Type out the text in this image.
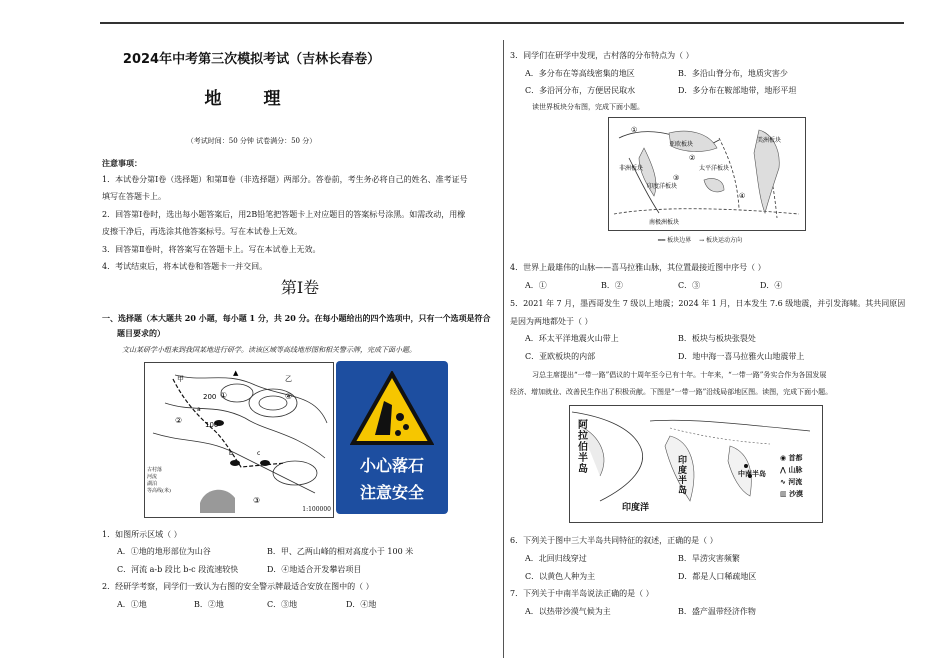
2024年中考第三次模拟考试（吉林长春卷）
地 理
（考试时间：50 分钟 试卷满分：50 分）
注意事项：
1．本试卷分第Ⅰ卷（选择题）和第Ⅱ卷（非选择题）两部分。答卷前，考生务必将自己的姓名、准考证号
填写在答题卡上。
2．回答第Ⅰ卷时，选出每小题答案后，用2B铅笔把答题卡上对应题目的答案标号涂黑。如需改动，用橡
皮擦干净后，再选涂其他答案标号。写在本试卷上无效。
3．回答第Ⅱ卷时，将答案写在答题卡上。写在本试卷上无效。
4．考试结束后，将本试卷和答题卡一并交回。
第Ⅰ卷
一、选择题（本大题共 20 小题，每小题 1 分，共 20 分。在每小题给出的四个选项中，只有一个选项是符合
题目要求的）
文山某研学小组来到我国某地进行研学。读该区域等高线地形图和相关警示牌，完成下面小题。
甲	乙
200
100
①
②
③
④
a
b	c
▲
古村落
河流
湖泊
等高线(米)
1:100000
小心落石
注意安全
1．如图所示区域（ ）
A．①地的地形部位为山谷	B．甲、乙两山峰的相对高度小于 100 米
C．河流 a-b 段比 b-c 段流速较快	D．④地适合开发攀岩项目
2．经研学考察，同学们一致认为右图的安全警示牌最适合安放在图中的（ ）
A．①地	B．②地	C．③地	D．④地
3．同学们在研学中发现，古村落的分布特点为（ ）
A．多分布在等高线密集的地区	B．多沿山脊分布，地质灾害少
C．多沿河分布，方便居民取水	D．多分布在鞍部地带，地形平坦
读世界板块分布图，完成下面小题。
亚欧板块
美洲板块
非洲板块
印度洋板块
太平洋板块
南极洲板块
①
②
③
④
━━ 板块边界 → 板块运动方向
4．世界上最雄伟的山脉——喜马拉雅山脉，其位置最接近图中序号（ ）
A．①	B．②	C．③	D．④
5．2021 年 7 月，墨西哥发生 7 级以上地震；2024 年 1 月，日本发生 7.6 级地震，并引发海啸。其共同原因
是因为两地都处于（ ）
A．环太平洋地震火山带上	B．板块与板块张裂处
C．亚欧板块的内部	D．地中海一喜马拉雅火山地震带上
习总主席提出“一带一路”倡议的十周年至今已有十年。十年来，“一带一路”务实合作为各国发展
经济、增加就业、改善民生作出了积极贡献。下图是“一带一路”沿线局部地区图。读图，完成下面小题。
阿拉伯半岛
印度半岛
中南半岛
印度洋
◉ 首都
⋀ 山脉
∿ 河流
▥ 沙漠
6．下列关于图中三大半岛共同特征的叙述，正确的是（ ）
A．北回归线穿过	B．旱涝灾害频繁
C．以黄色人种为主	D．都是人口稀疏地区
7．下列关于中南半岛说法正确的是（ ）
A．以热带沙漠气候为主	B．盛产温带经济作物
